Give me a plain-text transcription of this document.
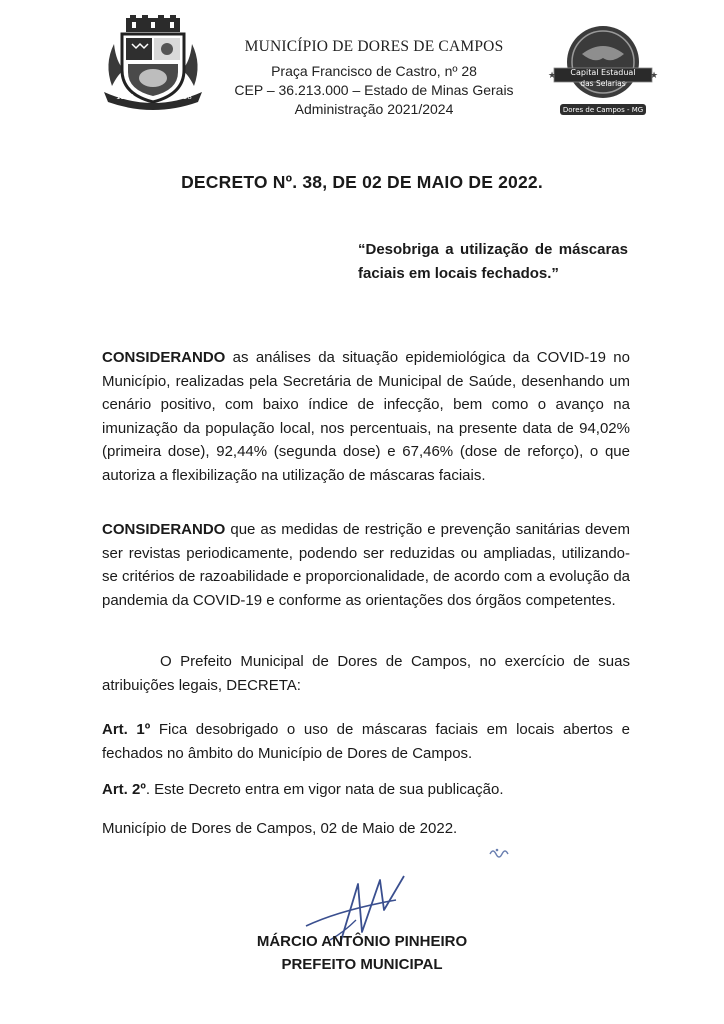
1938	1938
MUNICÍPIO DE DORES DE CAMPOS
Praça Francisco de Castro, nº 28
CEP – 36.213.000 – Estado de Minas Gerais
Administração 2021/2024
Capital Estadual
das Selarias
★	★
Dores de Campos - MG
DECRETO Nº. 38, DE 02 DE MAIO DE 2022.
“Desobriga a utilização de máscaras faciais em locais fechados.”
CONSIDERANDO as análises da situação epidemiológica da COVID-19 no Município, realizadas pela Secretária de Municipal de Saúde, desenhando um cenário positivo, com baixo índice de infecção, bem como o avanço na imunização da população local, nos percentuais, na presente data de 94,02% (primeira dose), 92,44% (segunda dose) e 67,46% (dose de reforço), o que autoriza a flexibilização na utilização de máscaras faciais.
CONSIDERANDO que as medidas de restrição e prevenção sanitárias devem ser revistas periodicamente, podendo ser reduzidas ou ampliadas, utilizando-se critérios de razoabilidade e proporcionalidade, de acordo com a evolução da pandemia da COVID-19 e conforme as orientações dos órgãos competentes.
O Prefeito Municipal de Dores de Campos, no exercício de suas atribuições legais, DECRETA:
Art. 1º Fica desobrigado o uso de máscaras faciais em locais abertos e fechados no âmbito do Município de Dores de Campos.
Art. 2º. Este Decreto entra em vigor nata de sua publicação.
Município de Dores de Campos, 02 de Maio de 2022.
MÁRCIO ANTÔNIO PINHEIRO
PREFEITO MUNICIPAL
